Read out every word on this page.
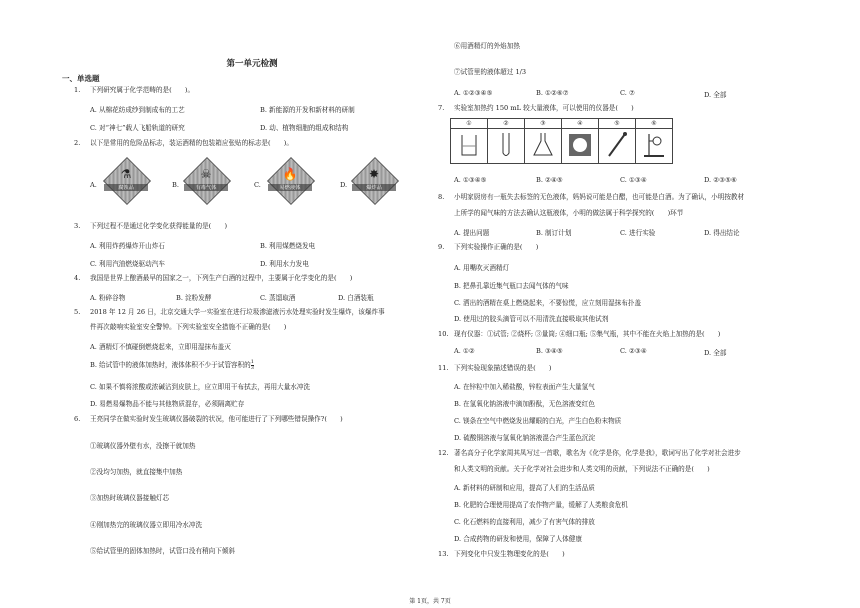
第一单元检测
一、单选题
1. 下列研究属于化学范畴的是(　　)。
A. 从棉花纺成纱到制成布的工艺	B. 新能源的开发和新材料的研制
C. 对“神七”载人飞船轨道的研究	D. 动、植物细胞的组成和结构
2. 以下是常用的危险品标志，装运酒精的包装箱应张贴的标志是(　　)。
A.
⚗
腐蚀品	B.
☠
有毒气体	C.
🔥
易燃液体	D.
✸
爆炸品
3. 下列过程不是通过化学变化获得能量的是(　　)
A. 利用炸药爆炸开山炸石	B. 利用煤燃烧发电
C. 利用汽油燃烧驱动汽车	D. 利用水力发电
4. 我国是世界上酿酒最早的国家之一，下列生产白酒的过程中，主要属于化学变化的是(　　)
A. 粉碎谷物	B. 淀粉发酵	C. 蒸馏取酒	D. 白酒装瓶
5. 2018 年 12 月 26 日，北京交通大学一实验室在进行垃圾渗滤液污水处理实验时发生爆炸，该爆炸事
件再次敲响实验室安全警钟。下列实验室安全措施不正确的是(　　)
A. 酒精灯不慎碰倒燃烧起来，立即用湿抹布盖灭
B. 给试管中的液体加热时，液体体积不少于试管容积的$\frac{1}{3}$
C. 如果不慎将浓酸或浓碱沾到皮肤上，应立即用干布拭去，再用大量水冲洗
D. 易燃易爆物品不能与其他物质混存，必须隔离贮存
6. 王亮同学在做实验时发生玻璃仪器破裂的状况，他可能进行了下列哪些错误操作?(　　)
①玻璃仪器外壁有水，没擦干就加热
②没均匀加热，就直接集中加热
③加热时玻璃仪器接触灯芯
④刚加热完的玻璃仪器立即用冷水冲洗
⑤给试管里的固体加热时，试管口没有稍向下倾斜
⑥用酒精灯的外焰加热
⑦试管里的液体超过 1/3
A. ①②③④⑤	B. ①②⑥⑦	C. ⑦	D. 全部
7. 实验室加热约 150 mL 较大量液体，可以使用的仪器是(　　)
①	②	③	④	⑤	⑥

A. ①③④⑤	B. ②④⑤	C. ①③④	D. ②③⑤⑥
8. 小明家厨房有一瓶失去标签的无色液体，妈妈说可能是白醋，也可能是白酒。为了确认，小明按教材
上所学的闻气味的方法去确认这瓶液体，小明的做法属于科学探究的(　　)环节
A. 提出问题	B. 制订计划	C. 进行实验	D. 得出结论
9. 下列实验操作正确的是(　　)
A. 用嘴吹灭酒精灯
B. 把鼻孔靠近集气瓶口去闻气体的气味
C. 洒出的酒精在桌上燃烧起来，不要惊慌，应立刻用湿抹布扑盖
D. 使用过的胶头滴管可以不用清洗直接吸取其他试剂
10. 现有仪器：①试管; ②烧杯; ③量筒; ④细口瓶; ⑤集气瓶，其中不能在火焰上加热的是(　　)
A. ①②	B. ③④⑤	C. ②③④	D. 全部
11. 下列实验现象描述错误的是(　　)
A. 在锌粒中加入稀盐酸，锌粒表面产生大量氢气
B. 在氢氧化钠溶液中滴加酚酞，无色溶液变红色
C. 镁条在空气中燃烧发出耀眼的白光，产生白色粉末物质
D. 硫酸铜溶液与氢氧化钠溶液混合产生蓝色沉淀
12. 著名高分子化学家周其凤写过一首歌，歌名为《化学是你，化学是我》，歌词写出了化学对社会进步
和人类文明的贡献。关于化学对社会进步和人类文明的贡献，下列说法不正确的是(　　)
A. 新材料的研制和应用，提高了人们的生活品质
B. 化肥的合理使用提高了农作物产量，缓解了人类粮食危机
C. 化石燃料的直接利用，减少了有害气体的排放
D. 合成药物的研发和使用，保障了人体健康
13. 下列变化中只发生物理变化的是(　　)
第 1页，共 7页
